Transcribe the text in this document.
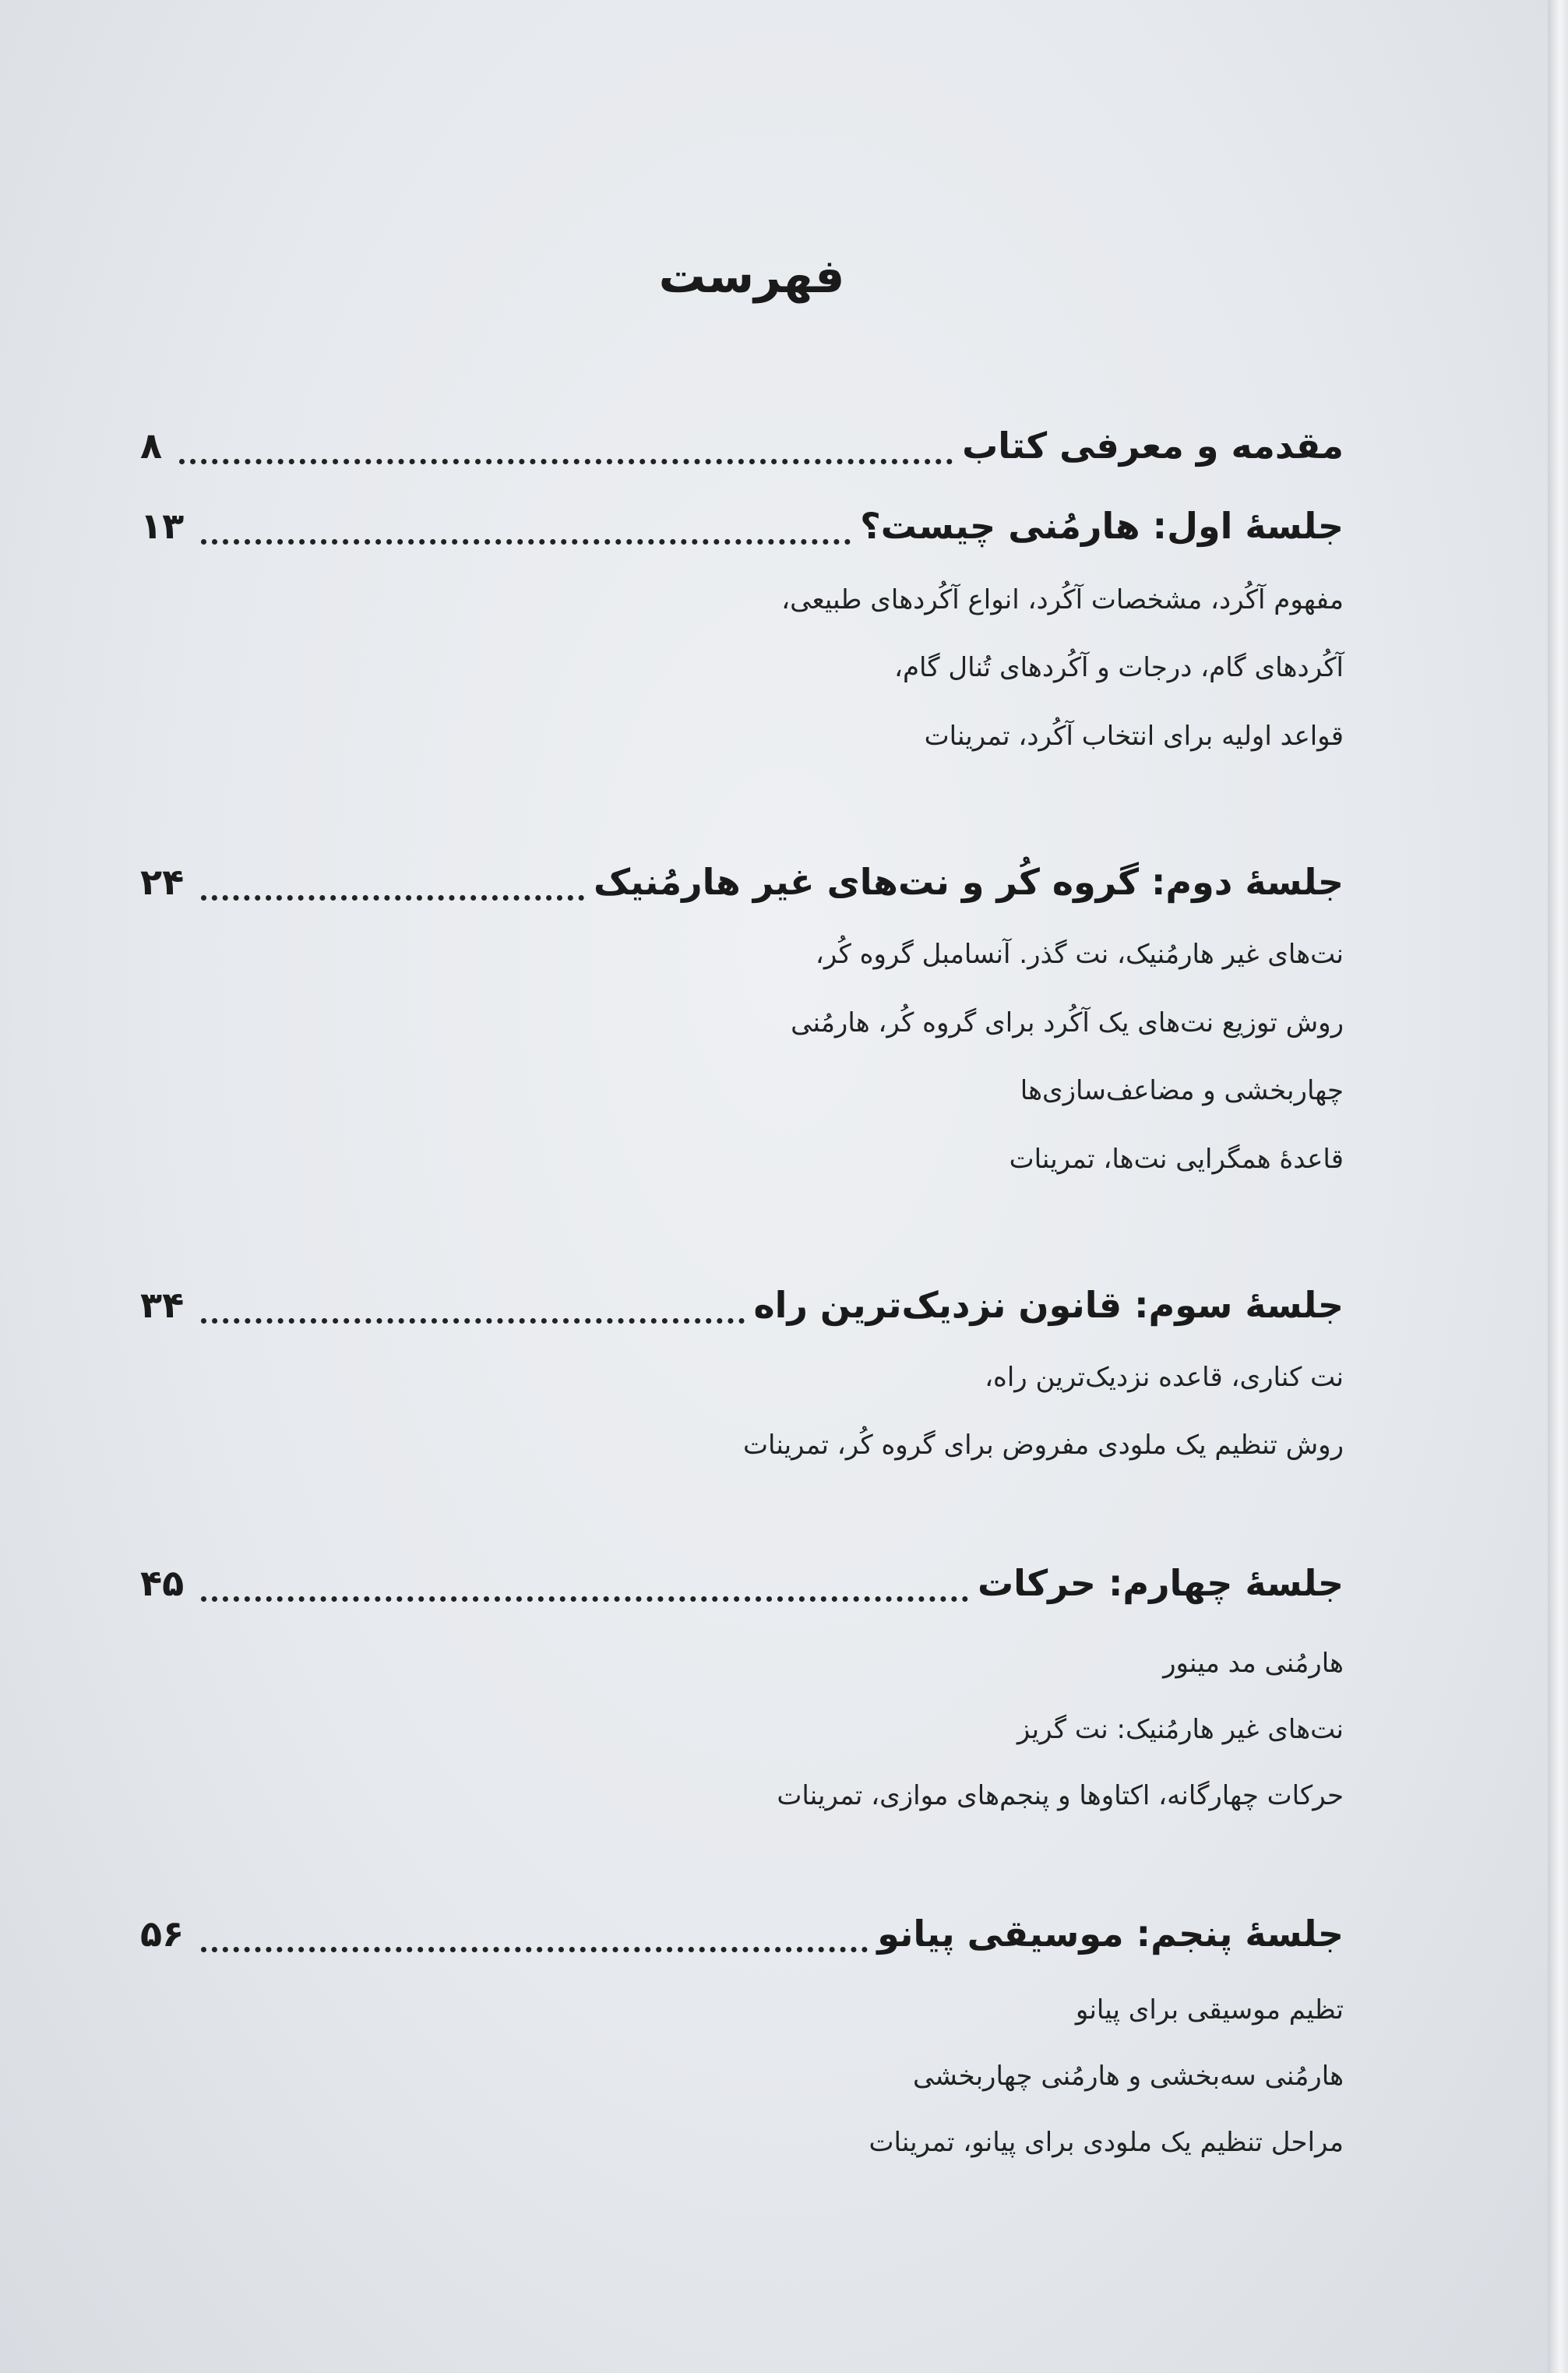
فهرست
مقدمه و معرفی کتاب
۸
جلسهٔ اول: هارمُنی چیست؟
۱۳
مفهوم آکُرد، مشخصات آکُرد، انواع آکُردهای طبیعی،
آکُردهای گام، درجات و آکُردهای تُنال گام،
قواعد اولیه برای انتخاب آکُرد، تمرینات
جلسهٔ دوم: گروه کُر و نت‌های غیر هارمُنیک
۲۴
نت‌های غیر هارمُنیک، نت گذر. آنسامبل گروه کُر،
روش توزیع نت‌های یک آکُرد برای گروه کُر، هارمُنی
چهاربخشی و مضاعف‌سازی‌ها
قاعدهٔ همگرایی نت‌ها، تمرینات
جلسهٔ سوم: قانون نزدیک‌ترین راه
۳۴
نت کناری، قاعده نزدیک‌ترین راه،
روش تنظیم یک ملودی مفروض برای گروه کُر، تمرینات
جلسهٔ چهارم: حرکات
۴۵
هارمُنی مد مینور
نت‌های غیر هارمُنیک: نت گریز
حرکات چهارگانه، اکتاوها و پنجم‌های موازی، تمرینات
جلسهٔ پنجم: موسیقی پیانو
۵۶
تظیم موسیقی برای پیانو
هارمُنی سه‌بخشی و هارمُنی چهاربخشی
مراحل تنظیم یک ملودی برای پیانو، تمرینات
